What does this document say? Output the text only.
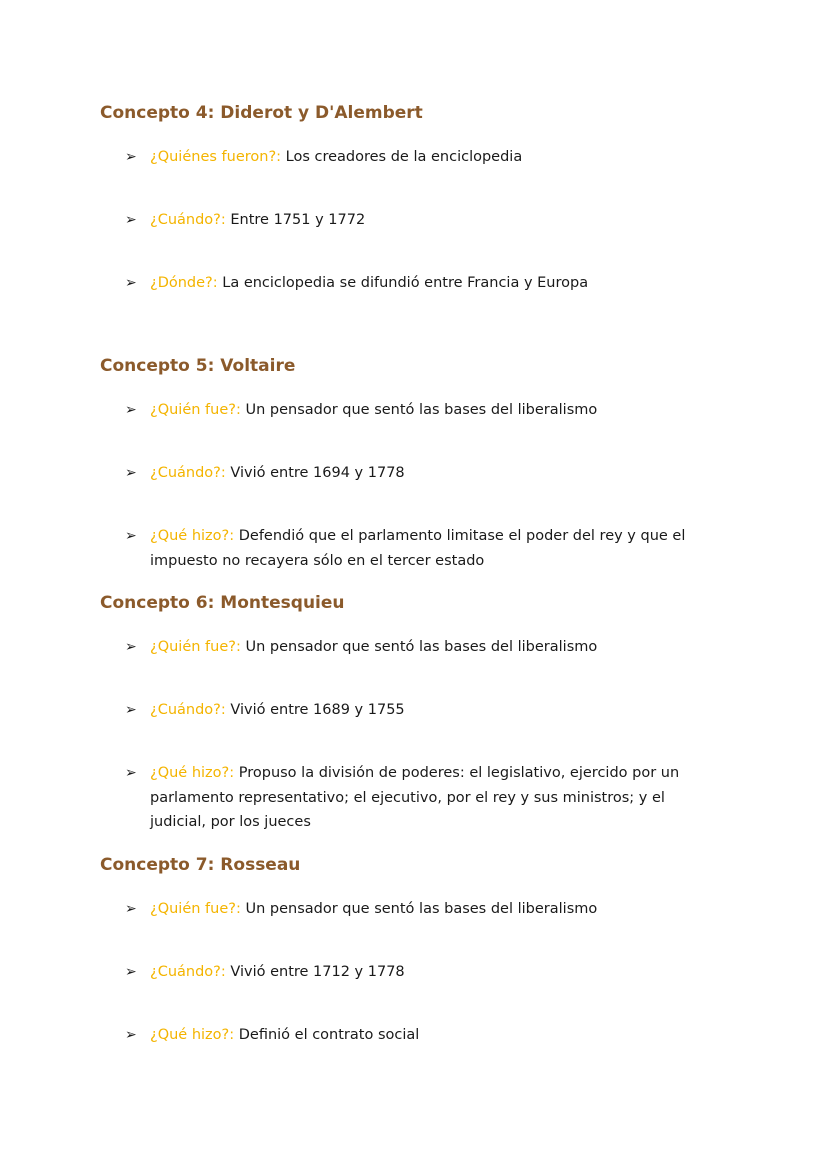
Concepto 4: Diderot y D'Alembert
➢ ¿Quiénes fueron?: Los creadores de la enciclopedia
➢ ¿Cuándo?: Entre 1751 y 1772
➢ ¿Dónde?: La enciclopedia se difundió entre Francia y Europa
Concepto 5: Voltaire
➢ ¿Quién fue?: Un pensador que sentó las bases del liberalismo
➢ ¿Cuándo?: Vivió entre 1694 y 1778
➢ ¿Qué hizo?: Defendió que el parlamento limitase el poder del rey y que el impuesto no recayera sólo en el tercer estado
Concepto 6: Montesquieu
➢ ¿Quién fue?: Un pensador que sentó las bases del liberalismo
➢ ¿Cuándo?: Vivió entre 1689 y 1755
➢ ¿Qué hizo?: Propuso la división de poderes: el legislativo, ejercido por un parlamento representativo; el ejecutivo, por el rey y sus ministros; y el judicial, por los jueces
Concepto 7: Rosseau
➢ ¿Quién fue?: Un pensador que sentó las bases del liberalismo
➢ ¿Cuándo?: Vivió entre 1712 y 1778
➢ ¿Qué hizo?: Definió el contrato social
